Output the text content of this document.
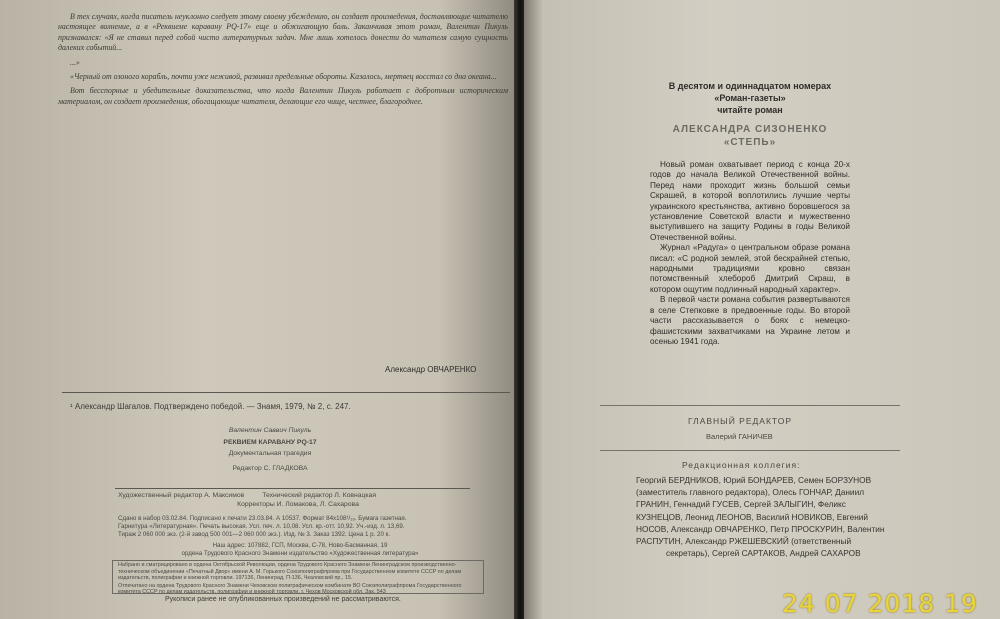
В тех случаях, когда писатель неуклонно следует этому своему убеждению, он создает произведения, доставляющие читателю настоящее волнение, а в «Реквиеме каравану PQ-17» еще и обжигающую боль. Заканчивая этот роман, Валентин Пикуль признавался: «Я не ставил перед собой чисто литературных задач. Мне лишь хотелось донести до читателя самую сущность далеких событий...

...»

«Черный от озоного корабль, почти уже неживой, развивал предельные обороты. Казалось, мертвец восстал со дна океана...

Вот бесспорные и убедительные доказательства, что когда Валентин Пикуль работает с добротным историческим материалом, он создает произведения, обогащающие читателя, делающие его чище, честнее, благороднее.

Александр ОВЧАРЕНКО
¹ Александр Шагалов. Подтверждено победой. — Знамя, 1979, № 2, с. 247.
Валентин Саввич Пикуль
РЕКВИЕМ КАРАВАНУ PQ-17
Документальная трагедия
Редактор С. ГЛАДКОВА
Художественный редактор А. Максимов	Технический редактор Л. Ковнацкая
Корректоры И. Ломакова, Л. Сахарова
Сдано в набор 03.02.84. Подписано к печати 23.03.84. А 10537. Формат 84х108¹/₁₆. Бумага газетная.
Гарнитура «Литературная». Печать высокая. Усл. печ. л. 10,08. Усл. кр.-отт. 10,92. Уч.-изд. л. 13,69.
Тираж 2 060 000 экз. (2-й завод 500 001—2 060 000 экз.). Изд. № 3. Заказ 1392. Цена 1 р. 20 к.
Наш адрес: 107882, ГСП, Москва, С-78, Ново-Басманная, 19
ордена Трудового Красного Знамени издательство «Художественная литература»
Набрано и сматрицировано в ордена Октябрьской Революции, ордена Трудового Красного Знамени Ленинградском производственно-техническом объединении «Печатный Двор» имени А. М. Горького Союзполиграфпрома при Государственном комитете СССР по делам издательств, полиграфии и книжной торговли. 197136, Ленинград, П-136, Чкаловский пр., 15.
Отпечатано на ордена Трудового Красного Знамени Чеховском полиграфическом комбинате ВО Союзполиграфпрома Государственного комитета СССР по делам издательств, полиграфии и книжной торговли. г. Чехов Московской обл. Зак. 543
Рукописи ранее не опубликованных произведений не рассматриваются.
В десятом и одиннадцатом номерах
«Роман-газеты»
читайте роман
АЛЕКСАНДРА СИЗОНЕНКО
«СТЕПЬ»

Новый роман охватывает период с конца 20-х годов до начала Великой Отечественной войны. Перед нами проходит жизнь большой семьи Скрашей, в которой воплотились лучшие черты украинского крестьянства, активно боровшегося за установление Советской власти и мужественно выступившего на защиту Родины в годы Великой Отечественной войны.

Журнал «Радуга» о центральном образе романа писал: «С родной землей, этой бескрайней степью, народными традициями кровно связан потомственный хлебороб Дмитрий Скраш, в котором ощутим подлинный народный характер».

В первой части романа события развертываются в селе Степковке в предвоенные годы. Во второй части рассказывается о боях с немецко-фашистскими захватчиками на Украине летом и осенью 1941 года.

ГЛАВНЫЙ РЕДАКТОР
Валерий ГАНИЧЕВ
Редакционная коллегия:
Георгий БЕРДНИКОВ, Юрий БОНДАРЕВ, Семен БОРЗУНОВ
(заместитель главного редактора), Олесь ГОНЧАР, Даниил
ГРАНИН, Геннадий ГУСЕВ, Сергей ЗАЛЫГИН, Феликс
КУЗНЕЦОВ, Леонид ЛЕОНОВ, Василий НОВИКОВ, Евгений
НОСОВ, Александр ОВЧАРЕНКО, Петр ПРОСКУРИН, Валентин
РАСПУТИН, Александр РЖЕШЕВСКИЙ (ответственный
секретарь), Сергей САРТАКОВ, Андрей САХАРОВ
24 07 2018 19
